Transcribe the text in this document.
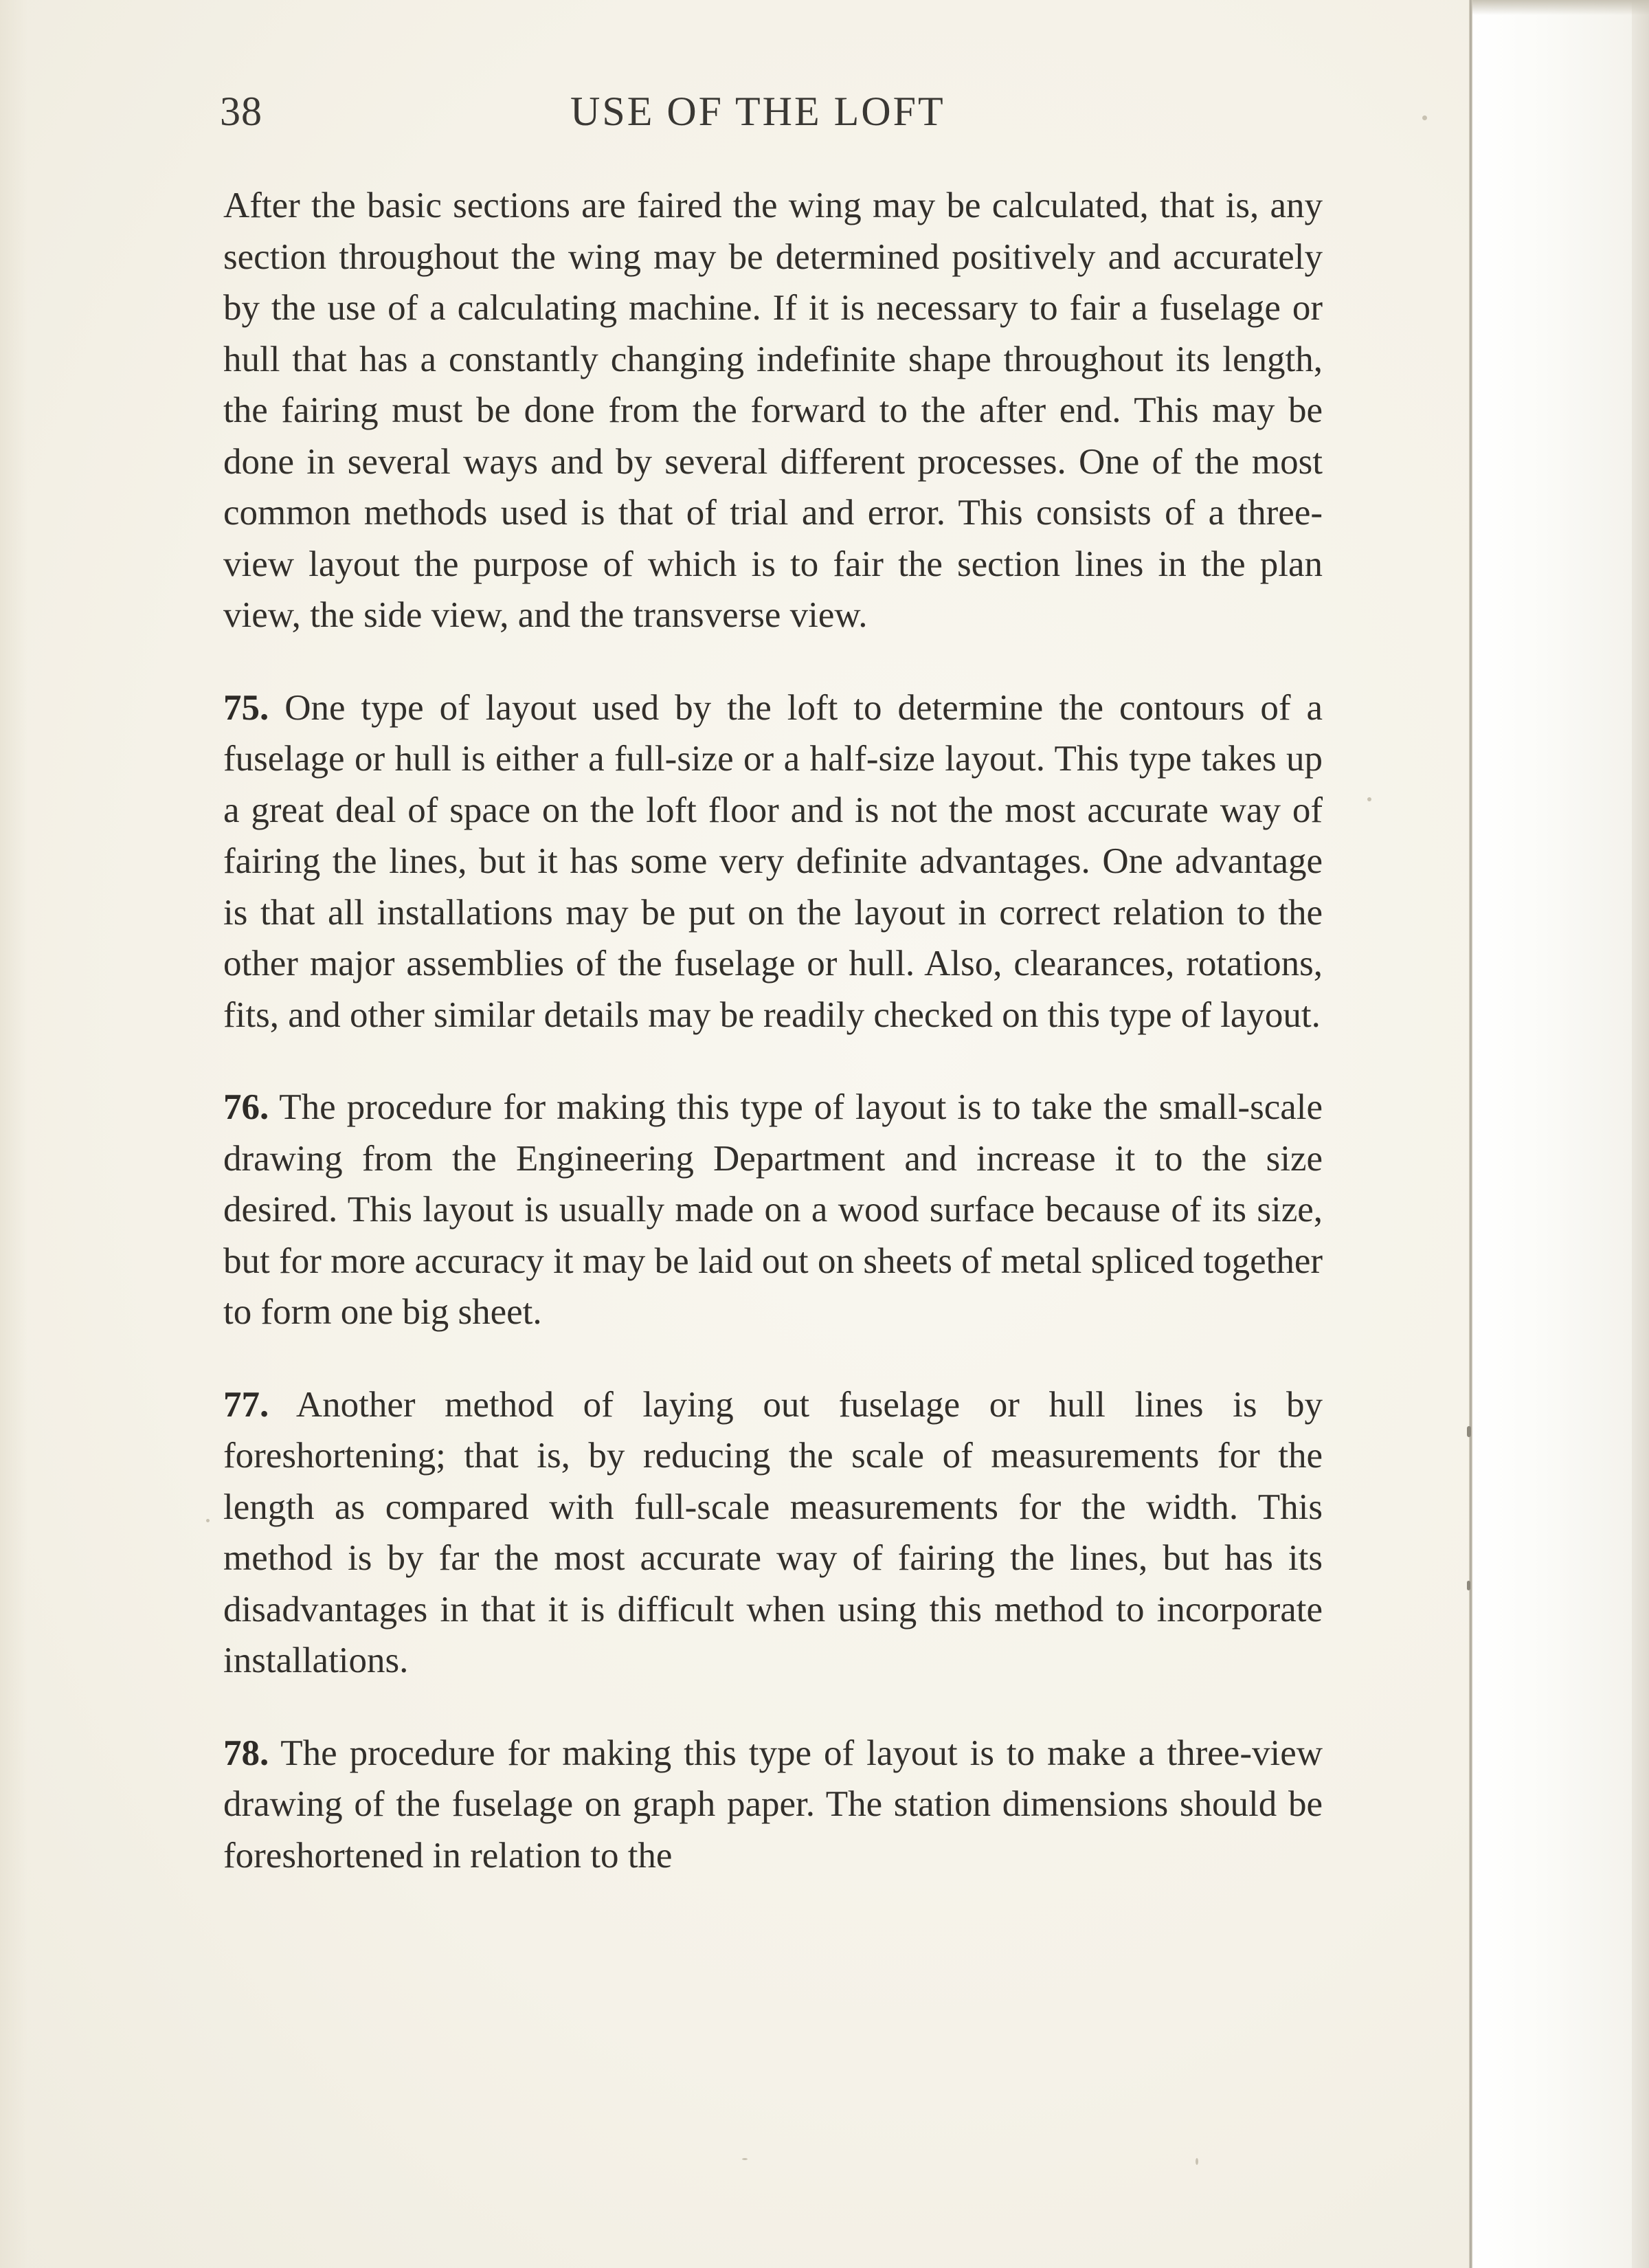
38	USE OF THE LOFT

After the basic sections are faired the wing may be calculated, that is, any section throughout the wing may be determined positively and accurately by the use of a calculating machine. If it is necessary to fair a fuselage or hull that has a constantly changing indefinite shape throughout its length, the fairing must be done from the forward to the after end. This may be done in several ways and by several different processes. One of the most common methods used is that of trial and error. This consists of a three-view layout the purpose of which is to fair the section lines in the plan view, the side view, and the transverse view.

75. One type of layout used by the loft to determine the contours of a fuselage or hull is either a full-size or a half-size layout. This type takes up a great deal of space on the loft floor and is not the most accurate way of fairing the lines, but it has some very definite advantages. One advantage is that all installations may be put on the layout in correct relation to the other major assemblies of the fuselage or hull. Also, clearances, rotations, fits, and other similar details may be readily checked on this type of layout.

76. The procedure for making this type of layout is to take the small-scale drawing from the Engineering Department and increase it to the size desired. This layout is usually made on a wood surface because of its size, but for more accuracy it may be laid out on sheets of metal spliced together to form one big sheet.

77. Another method of laying out fuselage or hull lines is by foreshortening; that is, by reducing the scale of measurements for the length as compared with full-scale measurements for the width. This method is by far the most accurate way of fairing the lines, but has its disadvantages in that it is difficult when using this method to incorporate installations.

78. The procedure for making this type of layout is to make a three-view drawing of the fuselage on graph paper. The station dimensions should be foreshortened in relation to the
